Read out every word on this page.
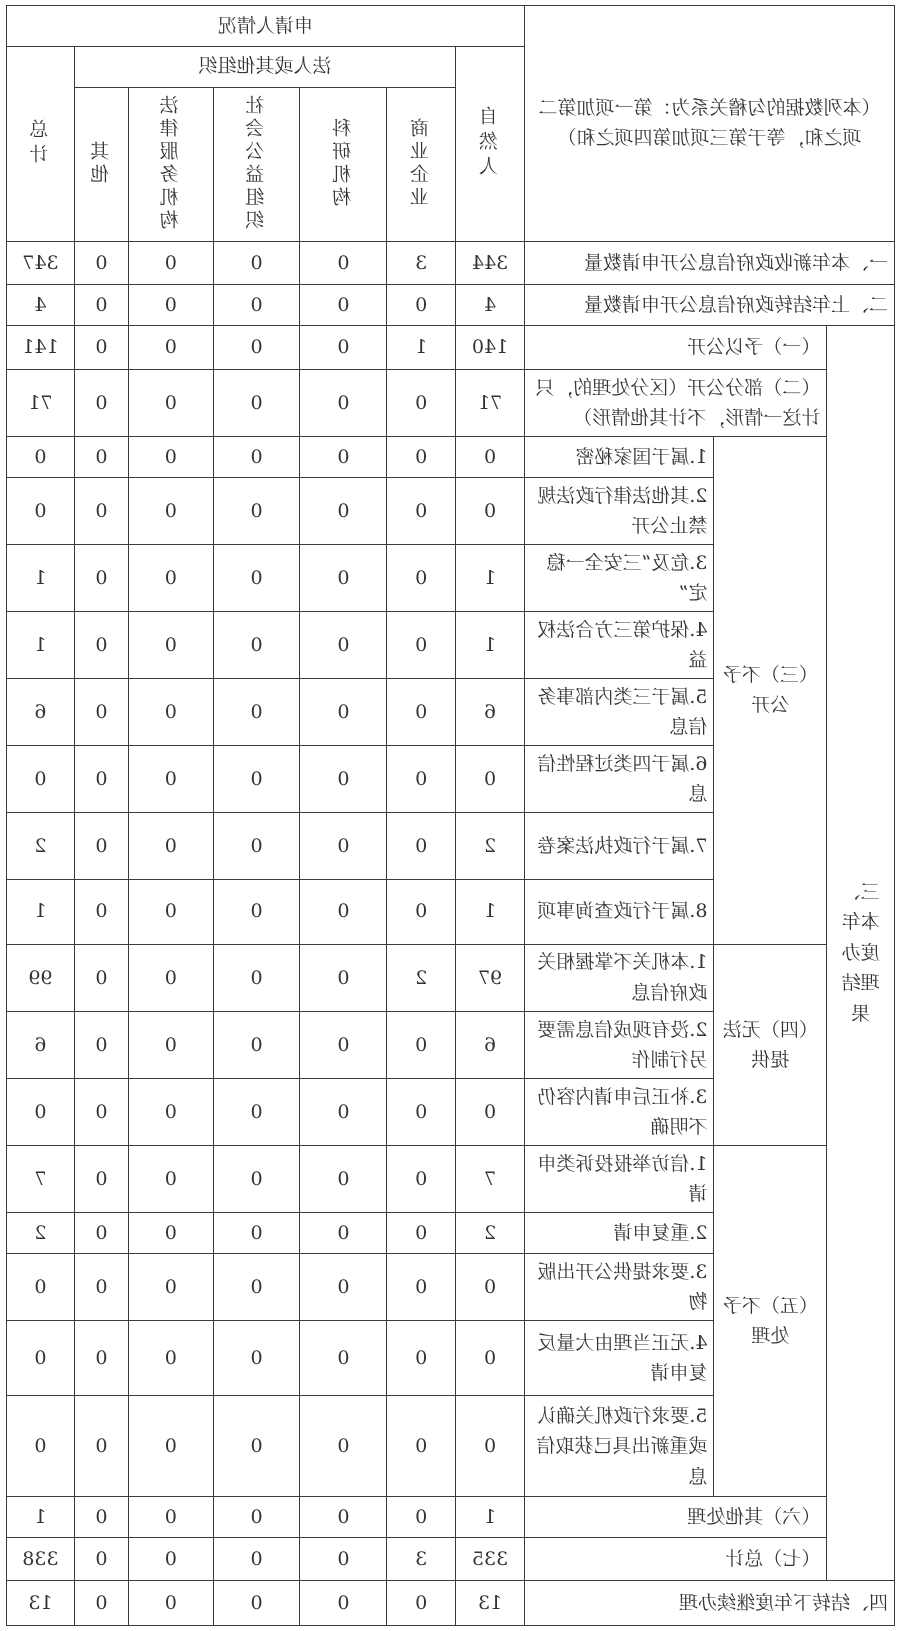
（本列数据的勾稽关系为：第一项加第二项之和，等于第三项加第四项之和）			申请人情况						
			自然人	法人或其他组织					总计
				商业企业	科研机构	社会公益组织	法律服务机构	其他	
一、本年新收政府信息公开申请数量			344	3	0	0	0	0	347
二、上年结转政府信息公开申请数量			4	0	0	0	0	0	4
三、本年度办理结果	（一）予以公开		140	1	0	0	0	0	141
	（二）部分公开（区分处理的，只计这一情形，不计其他情形）		71	0	0	0	0	0	71
	（三）不予公开	1.属于国家秘密	0	0	0	0	0	0	0
		2.其他法律行政法规禁止公开	0	0	0	0	0	0	0
		3.危及“三安全一稳定”	1	0	0	0	0	0	1
		4.保护第三方合法权益	1	0	0	0	0	0	1
		5.属于三类内部事务信息	6	0	0	0	0	0	6
		6.属于四类过程性信息	0	0	0	0	0	0	0
		7.属于行政执法案卷	2	0	0	0	0	0	2
		8.属于行政查询事项	1	0	0	0	0	0	1
	（四）无法提供	1.本机关不掌握相关政府信息	97	2	0	0	0	0	99
		2.没有现成信息需要另行制作	6	0	0	0	0	0	6
		3.补正后申请内容仍不明确	0	0	0	0	0	0	0
	（五）不予处理	1.信访举报投诉类申请	7	0	0	0	0	0	7
		2.重复申请	2	0	0	0	0	0	2
		3.要求提供公开出版物	0	0	0	0	0	0	0
		4.无正当理由大量反复申请	0	0	0	0	0	0	0
		5.要求行政机关确认或重新出具已获取信息	0	0	0	0	0	0	0
	（六）其他处理		1	0	0	0	0	0	1
	（七）总计		335	3	0	0	0	0	338
四、结转下年度继续办理			13	0	0	0	0	0	13
